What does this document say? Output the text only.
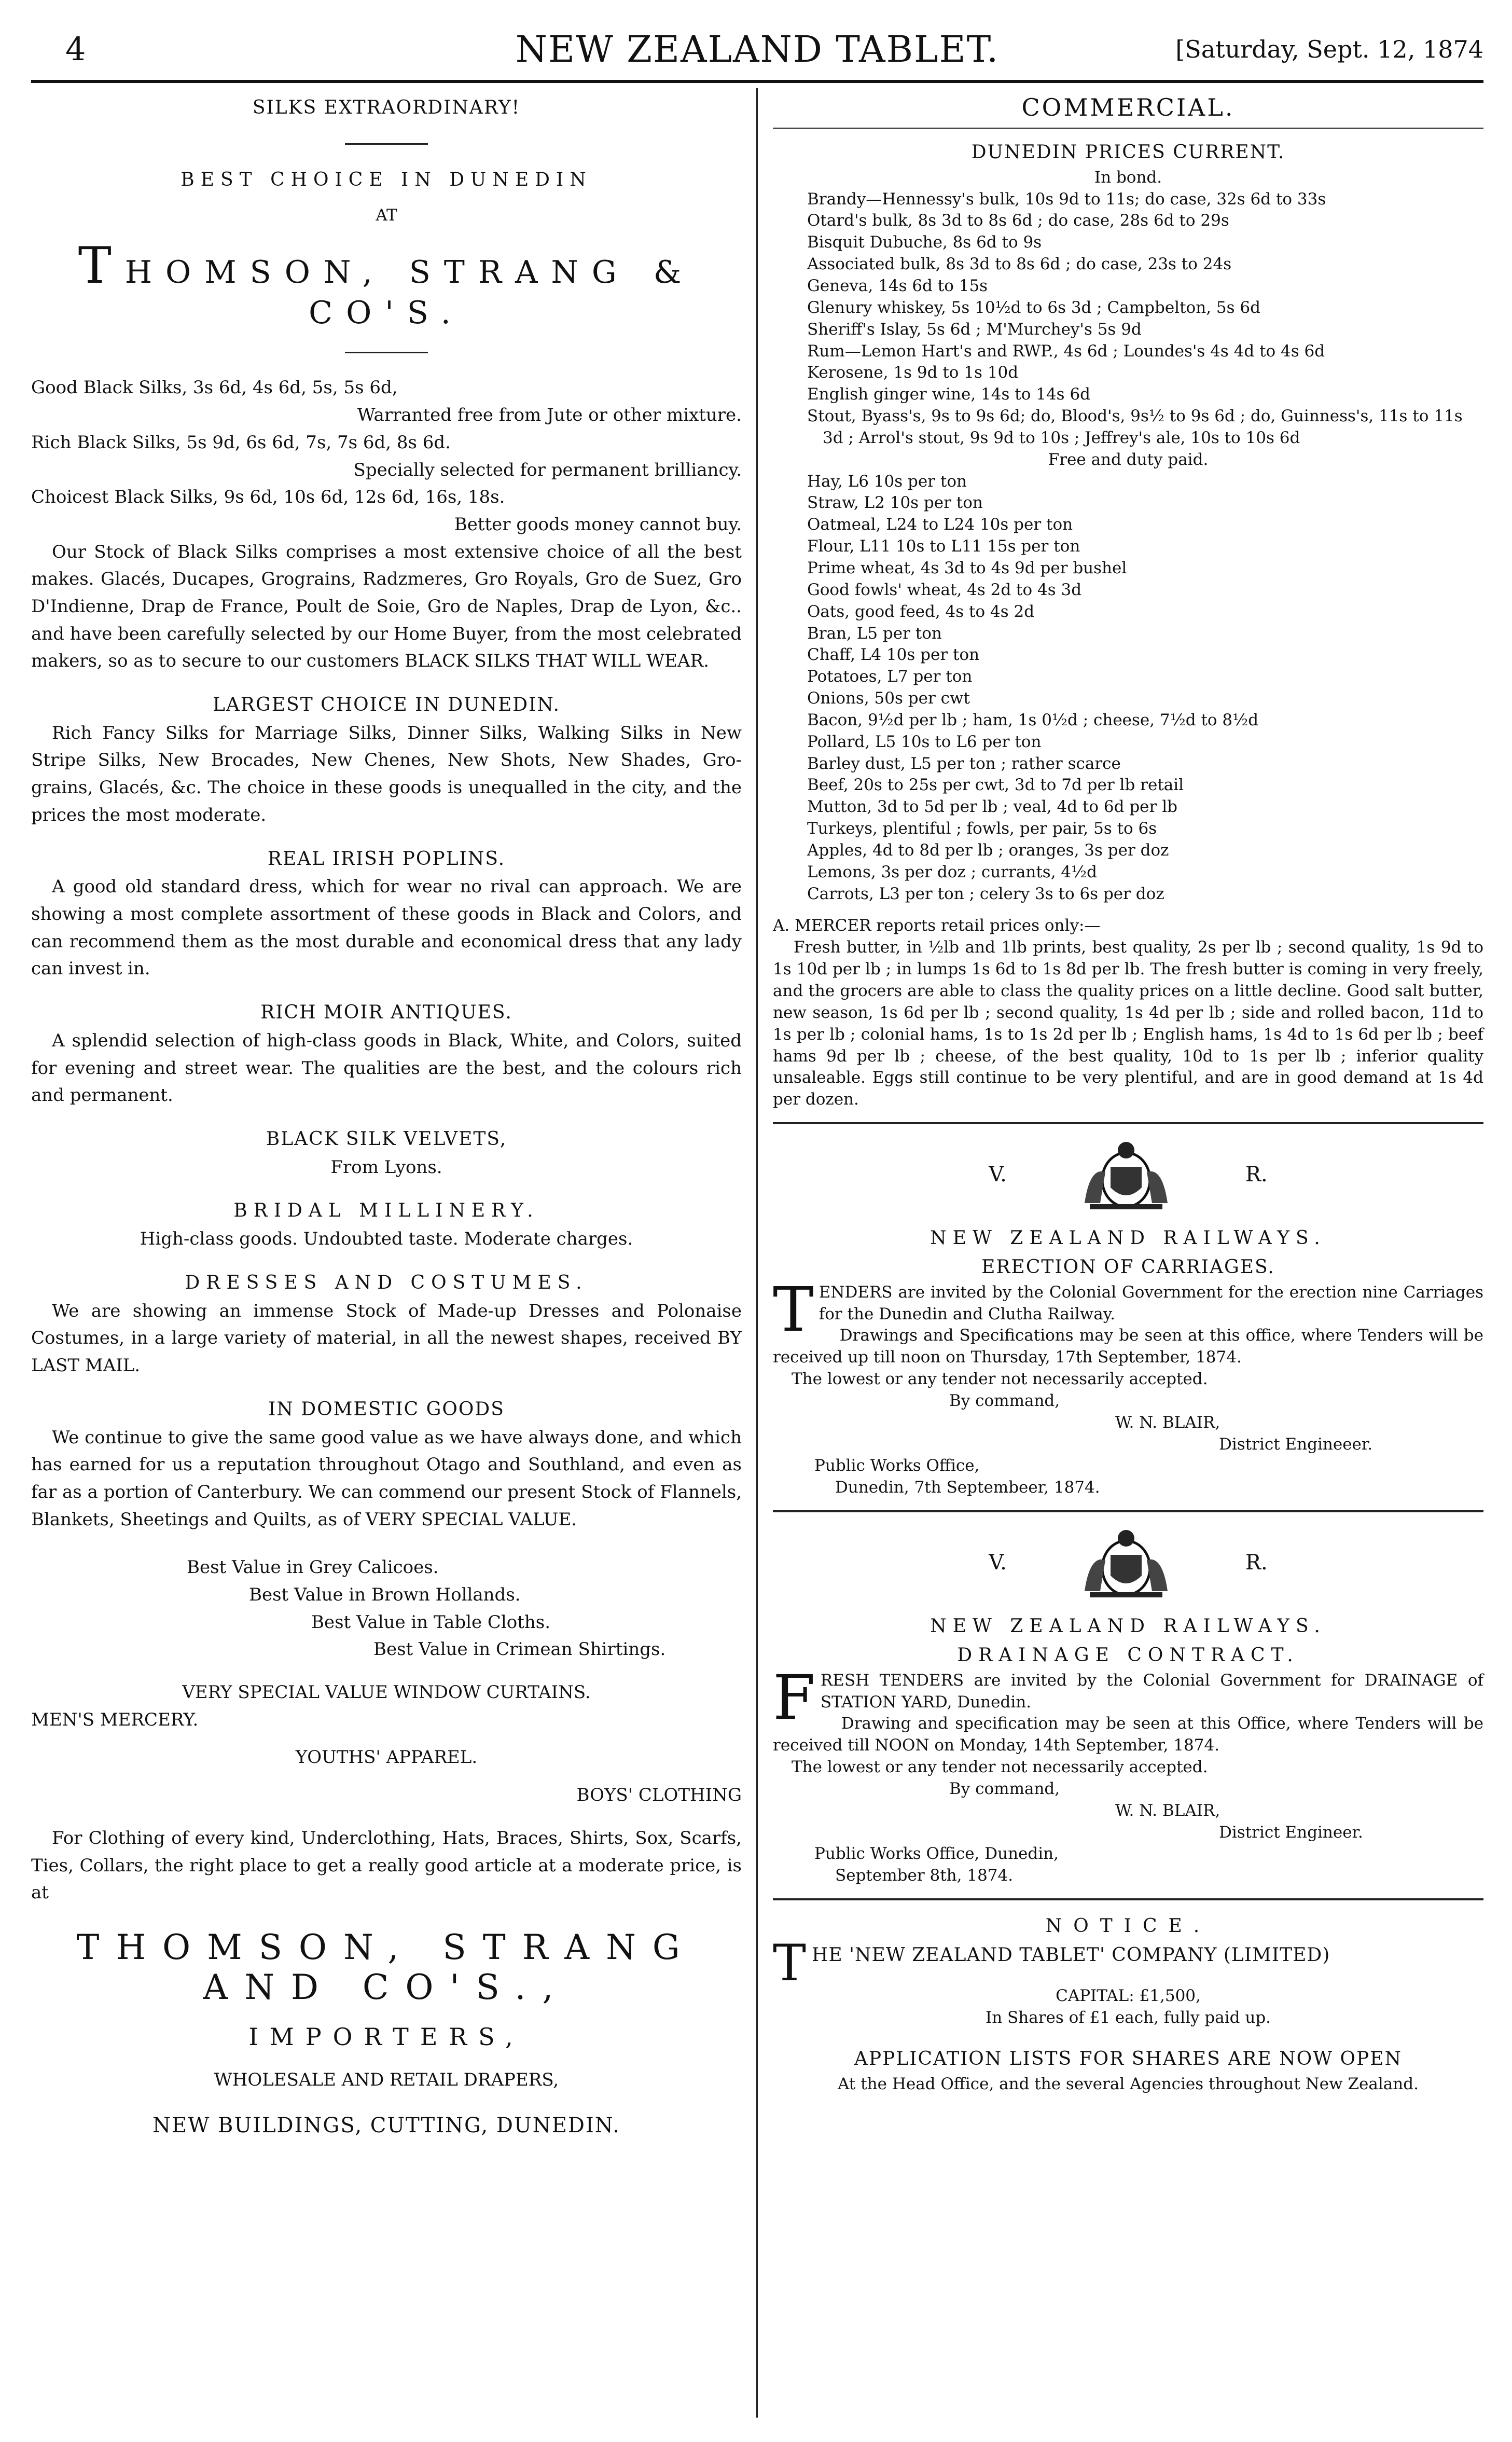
4	NEW ZEALAND TABLET.	[Saturday, Sept. 12, 1874

SILKS EXTRAORDINARY!

BEST CHOICE IN DUNEDIN

AT

THOMSON, STRANG & CO'S.

Good Black Silks, 3s 6d, 4s 6d, 5s, 5s 6d,

Warranted free from Jute or other mixture.

Rich Black Silks, 5s 9d, 6s 6d, 7s, 7s 6d, 8s 6d.

Specially selected for permanent brilliancy.

Choicest Black Silks, 9s 6d, 10s 6d, 12s 6d, 16s, 18s.

Better goods money cannot buy.

Our Stock of Black Silks comprises a most extensive choice of all the best makes. Glacés, Ducapes, Grograins, Radzmeres, Gro Royals, Gro de Suez, Gro D'Indienne, Drap de France, Poult de Soie, Gro de Naples, Drap de Lyon, &c.. and have been carefully selected by our Home Buyer, from the most celebrated makers, so as to secure to our customers BLACK SILKS THAT WILL WEAR.

LARGEST CHOICE IN DUNEDIN.

Rich Fancy Silks for Marriage Silks, Dinner Silks, Walking Silks in New Stripe Silks, New Brocades, New Chenes, New Shots, New Shades, Gro-grains, Glacés, &c. The choice in these goods is unequalled in the city, and the prices the most moderate.

REAL IRISH POPLINS.

A good old standard dress, which for wear no rival can approach. We are showing a most complete assortment of these goods in Black and Colors, and can recommend them as the most durable and economical dress that any lady can invest in.

RICH MOIR ANTIQUES.

A splendid selection of high-class goods in Black, White, and Colors, suited for evening and street wear. The qualities are the best, and the colours rich and permanent.

BLACK SILK VELVETS,

From Lyons.

BRIDAL MILLINERY.

High-class goods. Undoubted taste. Moderate charges.

DRESSES AND COSTUMES.

We are showing an immense Stock of Made-up Dresses and Polonaise Costumes, in a large variety of material, in all the newest shapes, received BY LAST MAIL.

IN DOMESTIC GOODS

We continue to give the same good value as we have always done, and which has earned for us a reputation throughout Otago and Southland, and even as far as a portion of Canterbury. We can commend our present Stock of Flannels, Blankets, Sheetings and Quilts, as of VERY SPECIAL VALUE.

Best Value in Grey Calicoes.

Best Value in Brown Hollands.

Best Value in Table Cloths.

Best Value in Crimean Shirtings.

VERY SPECIAL VALUE WINDOW CURTAINS.

MEN'S MERCERY.

YOUTHS' APPAREL.

BOYS' CLOTHING

For Clothing of every kind, Underclothing, Hats, Braces, Shirts, Sox, Scarfs, Ties, Collars, the right place to get a really good article at a moderate price, is at

THOMSON, STRANG AND CO'S.,

IMPORTERS,

WHOLESALE AND RETAIL DRAPERS,

NEW BUILDINGS, CUTTING, DUNEDIN.

COMMERCIAL.

DUNEDIN PRICES CURRENT.

In bond.

Brandy—Hennessy's bulk, 10s 9d to 11s; do case, 32s 6d to 33s

Otard's bulk, 8s 3d to 8s 6d ; do case, 28s 6d to 29s

Bisquit Dubuche, 8s 6d to 9s

Associated bulk, 8s 3d to 8s 6d ; do case, 23s to 24s

Geneva, 14s 6d to 15s

Glenury whiskey, 5s 10½d to 6s 3d ; Campbelton, 5s 6d

Sheriff's Islay, 5s 6d ; M'Murchey's 5s 9d

Rum—Lemon Hart's and RWP., 4s 6d ; Loundes's 4s 4d to 4s 6d

Kerosene, 1s 9d to 1s 10d

English ginger wine, 14s to 14s 6d

Stout, Byass's, 9s to 9s 6d; do, Blood's, 9s½ to 9s 6d ; do, Guinness's, 11s to 11s 3d ; Arrol's stout, 9s 9d to 10s ; Jeffrey's ale, 10s to 10s 6d

Free and duty paid.

Hay, L6 10s per ton

Straw, L2 10s per ton

Oatmeal, L24 to L24 10s per ton

Flour, L11 10s to L11 15s per ton

Prime wheat, 4s 3d to 4s 9d per bushel

Good fowls' wheat, 4s 2d to 4s 3d

Oats, good feed, 4s to 4s 2d

Bran, L5 per ton

Chaff, L4 10s per ton

Potatoes, L7 per ton

Onions, 50s per cwt

Bacon, 9½d per lb ; ham, 1s 0½d ; cheese, 7½d to 8½d

Pollard, L5 10s to L6 per ton

Barley dust, L5 per ton ; rather scarce

Beef, 20s to 25s per cwt, 3d to 7d per lb retail

Mutton, 3d to 5d per lb ; veal, 4d to 6d per lb

Turkeys, plentiful ; fowls, per pair, 5s to 6s

Apples, 4d to 8d per lb ; oranges, 3s per doz

Lemons, 3s per doz ; currants, 4½d

Carrots, L3 per ton ; celery 3s to 6s per doz

A. MERCER reports retail prices only:—

Fresh butter, in ½lb and 1lb prints, best quality, 2s per lb ; second quality, 1s 9d to 1s 10d per lb ; in lumps 1s 6d to 1s 8d per lb. The fresh butter is coming in very freely, and the grocers are able to class the quality prices on a little decline. Good salt butter, new season, 1s 6d per lb ; second quality, 1s 4d per lb ; side and rolled bacon, 11d to 1s per lb ; colonial hams, 1s to 1s 2d per lb ; English hams, 1s 4d to 1s 6d per lb ; beef hams 9d per lb ; cheese, of the best quality, 10d to 1s per lb ; inferior quality unsaleable. Eggs still continue to be very plentiful, and are in good demand at 1s 4d per dozen.

V.	R.

NEW ZEALAND RAILWAYS.

ERECTION OF CARRIAGES.

TENDERS are invited by the Colonial Government for the erection nine Carriages for the Dunedin and Clutha Railway.

Drawings and Specifications may be seen at this office, where Tenders will be received up till noon on Thursday, 17th September, 1874.

The lowest or any tender not necessarily accepted.

By command,

W. N. BLAIR,

District Engineeer.

Public Works Office,

Dunedin, 7th Septembeer, 1874.

V.	R.

NEW ZEALAND RAILWAYS.

DRAINAGE CONTRACT.

FRESH TENDERS are invited by the Colonial Government for DRAINAGE of STATION YARD, Dunedin.

Drawing and specification may be seen at this Office, where Tenders will be received till NOON on Monday, 14th September, 1874.

The lowest or any tender not necessarily accepted.

By command,

W. N. BLAIR,

District Engineer.

Public Works Office, Dunedin,

September 8th, 1874.

NOTICE.

THE 'NEW ZEALAND TABLET' COMPANY (LIMITED)

CAPITAL: £1,500,

In Shares of £1 each, fully paid up.

APPLICATION LISTS FOR SHARES ARE NOW OPEN

At the Head Office, and the several Agencies throughout New Zealand.
